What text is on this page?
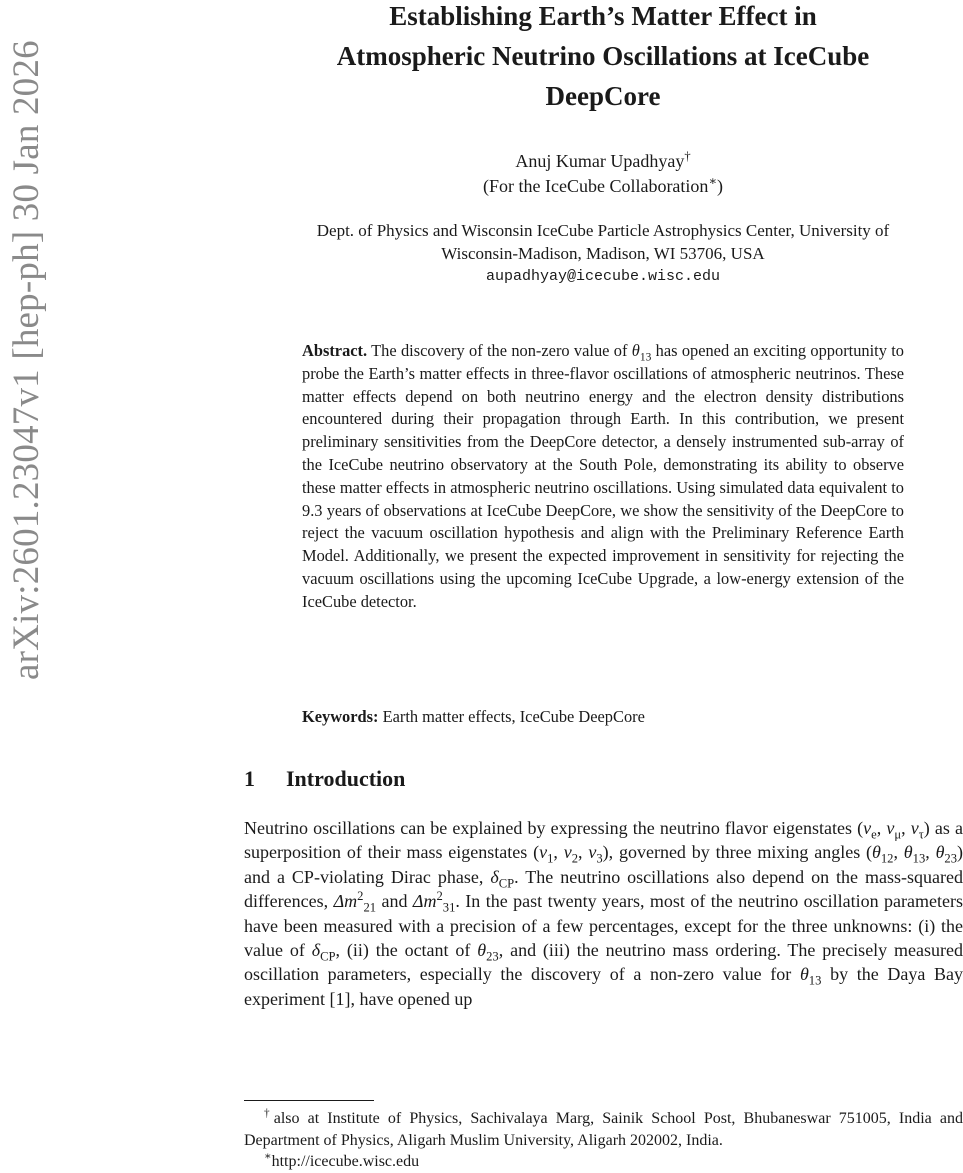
arXiv:2601.23047v1 [hep-ph] 30 Jan 2026
Establishing Earth’s Matter Effect in
Atmospheric Neutrino Oscillations at IceCube
DeepCore
Anuj Kumar Upadhyay†
(For the IceCube Collaboration∗)
Dept. of Physics and Wisconsin IceCube Particle Astrophysics Center, University of
Wisconsin-Madison, Madison, WI 53706, USA
aupadhyay@icecube.wisc.edu
Abstract. The discovery of the non-zero value of $\theta_{13}$ has opened an exciting opportunity to probe the Earth’s matter effects in three-flavor oscillations of atmospheric neutrinos. These matter effects depend on both neutrino energy and the electron density distributions encountered during their propagation through Earth. In this contribution, we present preliminary sensitivities from the DeepCore detector, a densely instrumented sub-array of the IceCube neutrino observatory at the South Pole, demonstrating its ability to observe these matter effects in atmospheric neutrino oscillations. Using simulated data equivalent to 9.3 years of observations at IceCube DeepCore, we show the sensitivity of the DeepCore to reject the vacuum oscillation hypothesis and align with the Preliminary Reference Earth Model. Additionally, we present the expected improvement in sensitivity for rejecting the vacuum oscillations using the upcoming IceCube Upgrade, a low-energy extension of the IceCube detector.
Keywords: Earth matter effects, IceCube DeepCore
1 Introduction
Neutrino oscillations can be explained by expressing the neutrino flavor eigenstates ($\nu_e$, $\nu_\mu$, $\nu_\tau$) as a superposition of their mass eigenstates ($\nu_1$, $\nu_2$, $\nu_3$), governed by three mixing angles ($\theta_{12}$, $\theta_{13}$, $\theta_{23}$) and a CP-violating Dirac phase, $\delta_{CP}$. The neutrino oscillations also depend on the mass-squared differences, $\Delta m^2_{21}$ and $\Delta m^2_{31}$. In the past twenty years, most of the neutrino oscillation parameters have been measured with a precision of a few percentages, except for the three unknowns: (i) the value of $\delta_{CP}$, (ii) the octant of $\theta_{23}$, and (iii) the neutrino mass ordering. The precisely measured oscillation parameters, especially the discovery of a non-zero value for $\theta_{13}$ by the Daya Bay experiment [1], have opened up

†also at Institute of Physics, Sachivalaya Marg, Sainik School Post, Bhubaneswar 751005, India and Department of Physics, Aligarh Muslim University, Aligarh 202002, India.

∗http://icecube.wisc.edu
